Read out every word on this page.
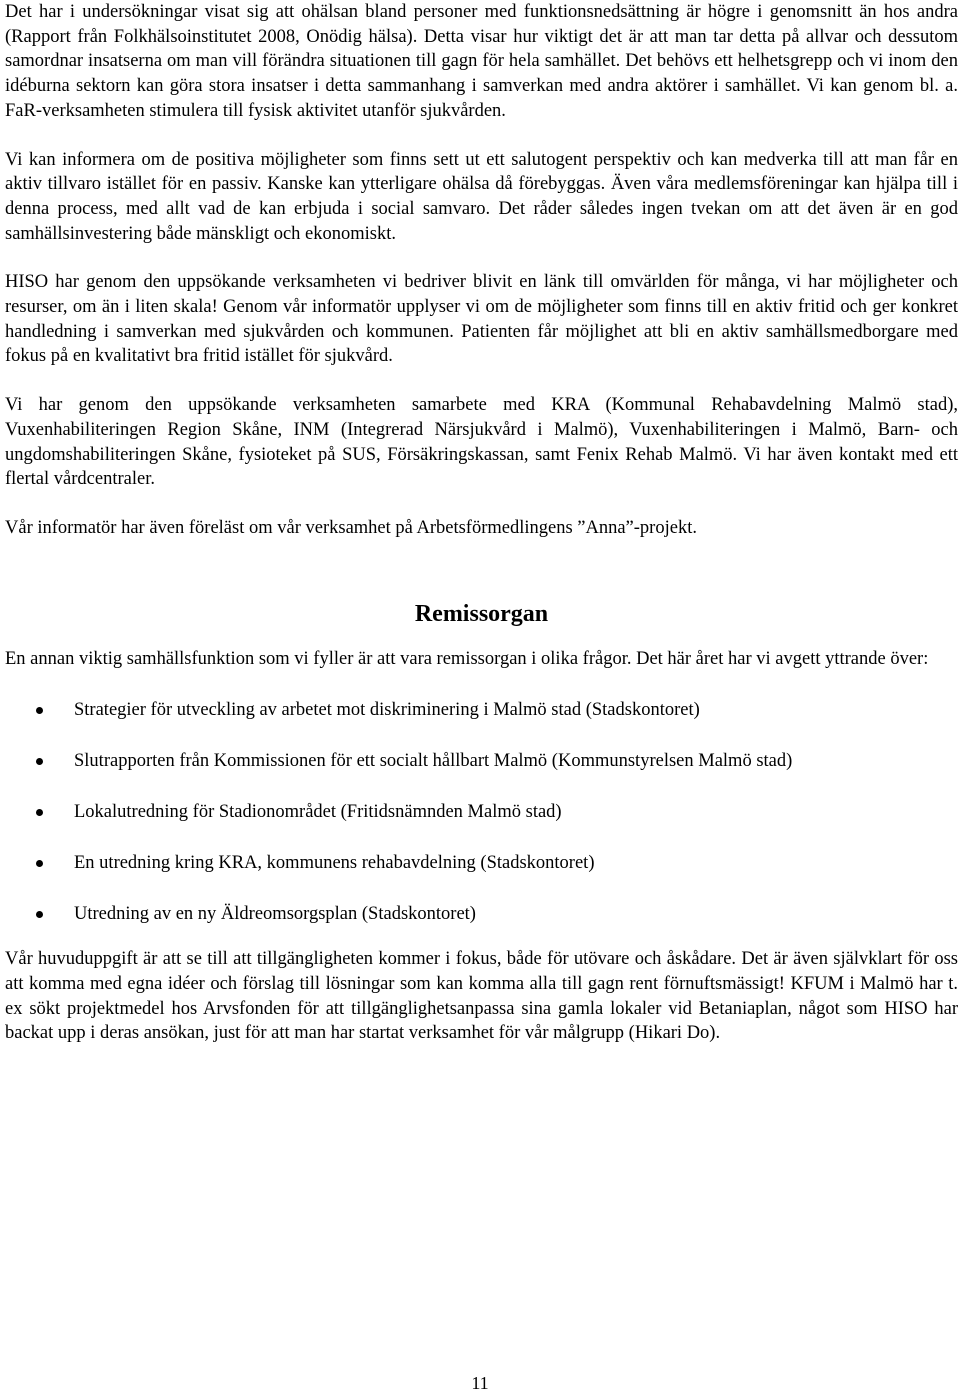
Det har i undersökningar visat sig att ohälsan bland personer med funktionsnedsättning är högre i genomsnitt än hos andra (Rapport från Folkhälsoinstitutet 2008, Onödig hälsa). Detta visar hur viktigt det är att man tar detta på allvar och dessutom samordnar insatserna om man vill förändra situationen till gagn för hela samhället. Det behövs ett helhetsgrepp och vi inom den idéburna sektorn kan göra stora insatser i detta sammanhang i samverkan med andra aktörer i samhället. Vi kan genom bl. a. FaR-verksamheten stimulera till fysisk aktivitet utanför sjukvården.

Vi kan informera om de positiva möjligheter som finns sett ut ett salutogent perspektiv och kan medverka till att man får en aktiv tillvaro istället för en passiv. Kanske kan ytterligare ohälsa då förebyggas. Även våra medlemsföreningar kan hjälpa till i denna process, med allt vad de kan erbjuda i social samvaro. Det råder således ingen tvekan om att det även är en god samhällsinvestering både mänskligt och ekonomiskt.

HISO har genom den uppsökande verksamheten vi bedriver blivit en länk till omvärlden för många, vi har möjligheter och resurser, om än i liten skala! Genom vår informatör upplyser vi om de möjligheter som finns till en aktiv fritid och ger konkret handledning i samverkan med sjukvården och kommunen. Patienten får möjlighet att bli en aktiv samhällsmedborgare med fokus på en kvalitativt bra fritid istället för sjukvård.

Vi har genom den uppsökande verksamheten samarbete med KRA (Kommunal Rehabavdelning Malmö stad), Vuxenhabiliteringen Region Skåne, INM (Integrerad Närsjukvård i Malmö), Vuxenhabiliteringen i Malmö, Barn- och ungdomshabiliteringen Skåne, fysioteket på SUS, Försäkringskassan, samt Fenix Rehab Malmö. Vi har även kontakt med ett flertal vårdcentraler.

Vår informatör har även föreläst om vår verksamhet på Arbetsförmedlingens ”Anna”-projekt.

Remissorgan

En annan viktig samhällsfunktion som vi fyller är att vara remissorgan i olika frågor. Det här året har vi avgett yttrande över:

Strategier för utveckling av arbetet mot diskriminering i Malmö stad (Stadskontoret)
Slutrapporten från Kommissionen för ett socialt hållbart Malmö (Kommunstyrelsen Malmö stad)
Lokalutredning för Stadionområdet (Fritidsnämnden Malmö stad)
En utredning kring KRA, kommunens rehabavdelning (Stadskontoret)
Utredning av en ny Äldreomsorgsplan (Stadskontoret)

Vår huvuduppgift är att se till att tillgängligheten kommer i fokus, både för utövare och åskådare. Det är även självklart för oss att komma med egna idéer och förslag till lösningar som kan komma alla till gagn rent förnuftsmässigt! KFUM i Malmö har t. ex sökt projektmedel hos Arvsfonden för att tillgänglighetsanpassa sina gamla lokaler vid Betaniaplan, något som HISO har backat upp i deras ansökan, just för att man har startat verksamhet för vår målgrupp (Hikari Do).

11
